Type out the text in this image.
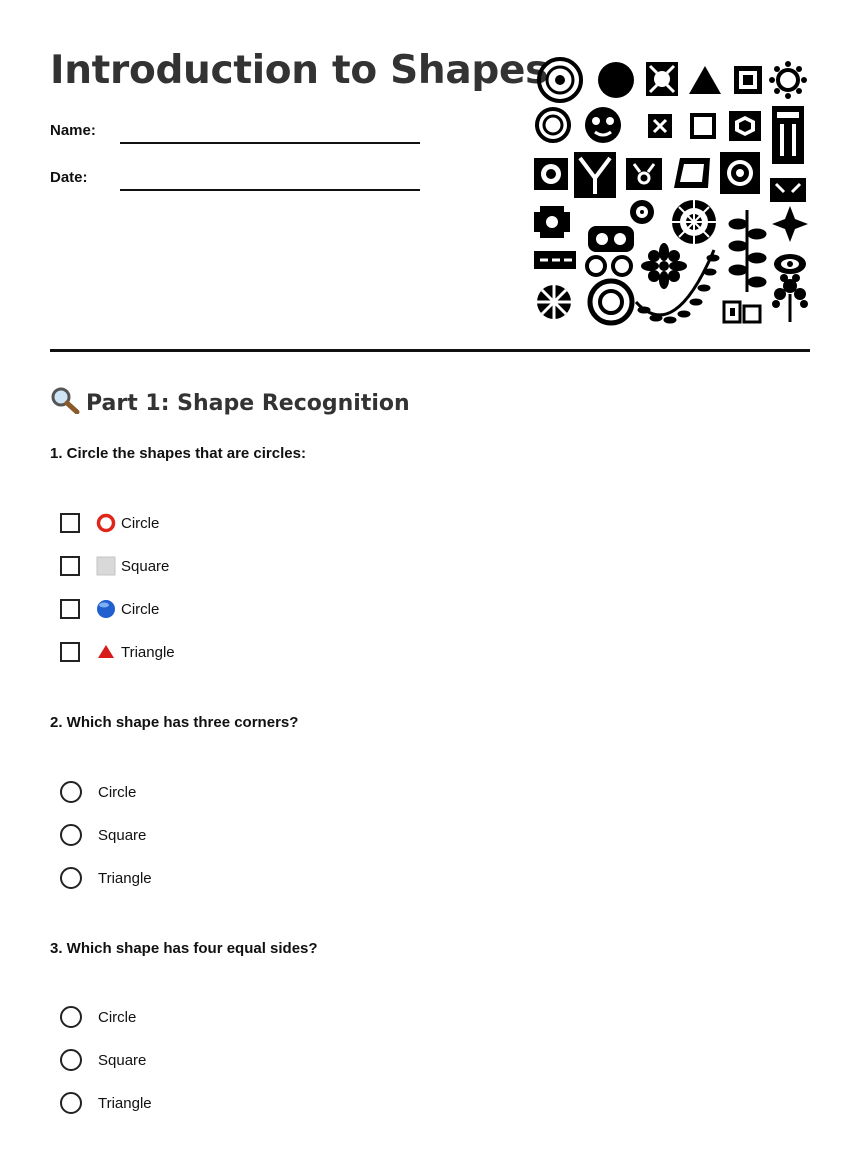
Introduction to Shapes
Name:
Date:
Part 1: Shape Recognition

1. Circle the shapes that are circles:

Circle
Square
Circle
Triangle

2. Which shape has three corners?

Circle
Square
Triangle

3. Which shape has four equal sides?

Circle
Square
Triangle
